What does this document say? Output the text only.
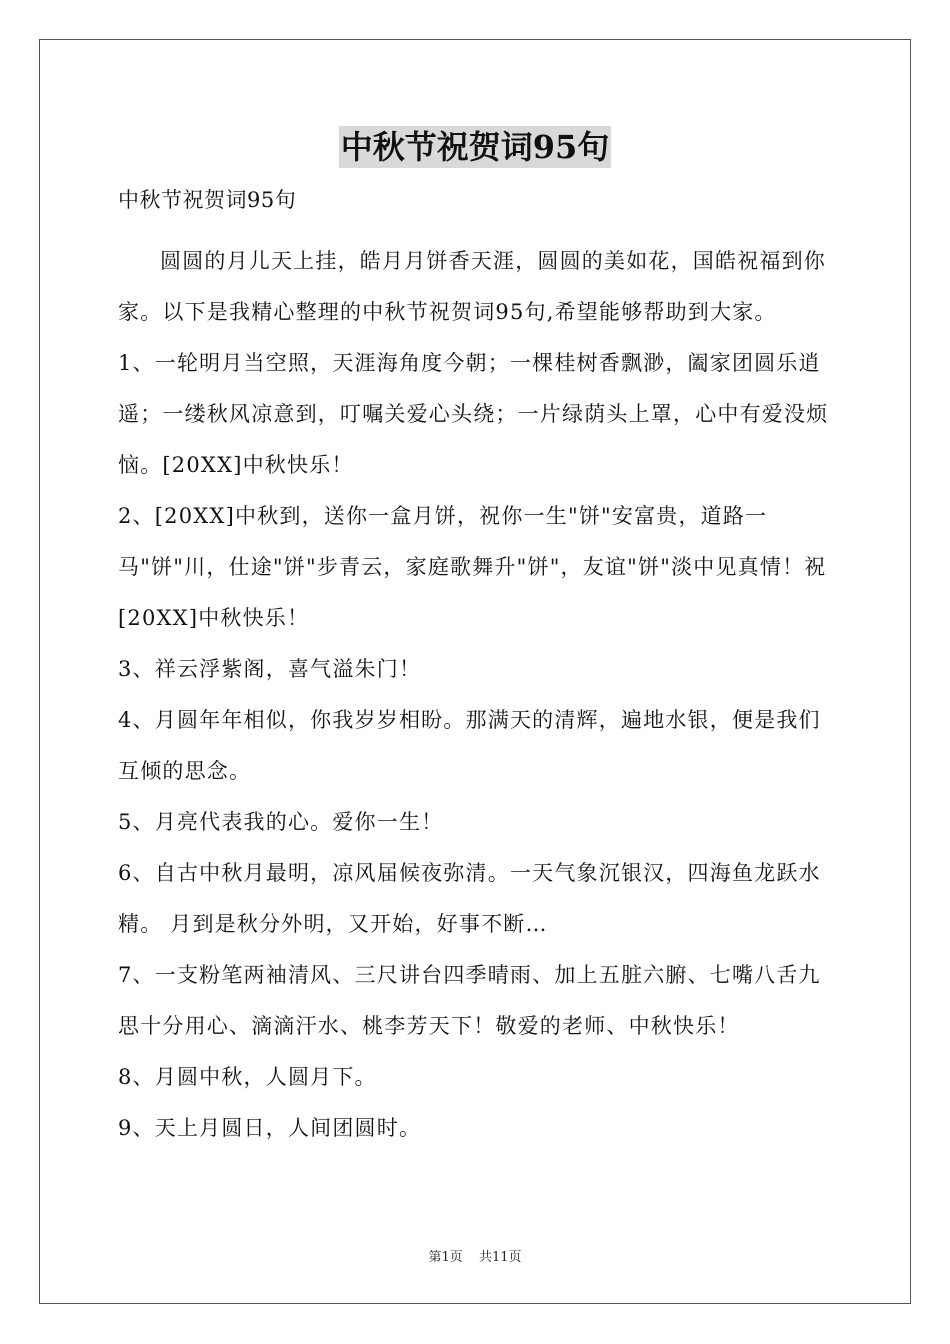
中秋节祝贺词95句

中秋节祝贺词95句

圆圆的月儿天上挂，皓月月饼香天涯，圆圆的美如花，国皓祝福到你家。以下是我精心整理的中秋节祝贺词95句,希望能够帮助到大家。

1、一轮明月当空照，天涯海角度今朝；一棵桂树香飘渺，阖家团圆乐逍遥；一缕秋风凉意到，叮嘱关爱心头绕；一片绿荫头上罩，心中有爱没烦恼。[20XX]中秋快乐！

2、[20XX]中秋到，送你一盒月饼，祝你一生"饼"安富贵，道路一马"饼"川，仕途"饼"步青云，家庭歌舞升"饼"，友谊"饼"淡中见真情！祝[20XX]中秋快乐！

3、祥云浮紫阁，喜气溢朱门！

4、月圆年年相似，你我岁岁相盼。那满天的清辉，遍地水银，便是我们互倾的思念。

5、月亮代表我的心。爱你一生！

6、自古中秋月最明，凉风届候夜弥清。一天气象沉银汉，四海鱼龙跃水精。 月到是秋分外明，又开始，好事不断…

7、一支粉笔两袖清风、三尺讲台四季晴雨、加上五脏六腑、七嘴八舌九思十分用心、滴滴汗水、桃李芳天下！敬爱的老师、中秋快乐！

8、月圆中秋，人圆月下。

9、天上月圆日，人间团圆时。

第1页 共11页
